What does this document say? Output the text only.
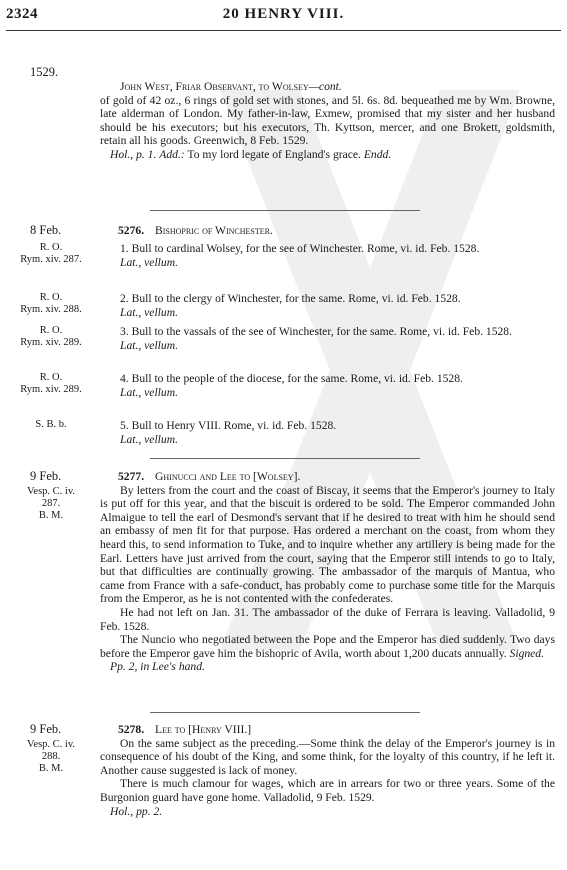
2324	20 HENRY VIII.
1529.
John West, Friar Observant, to Wolsey—cont.
of gold of 42 oz., 6 rings of gold set with stones, and 5l. 6s. 8d. bequeathed me by Wm. Browne, late alderman of London. My father-in-law, Exmew, promised that my sister and her husband should be his executors; but his executors, Th. Kyttson, mercer, and one Brokett, goldsmith, retain all his goods. Greenwich, 8 Feb. 1529.
Hol., p. 1. Add.: To my lord legate of England's grace. Endd.
8 Feb.	5276. Bishopric of Winchester.
R. O.
Rym. xiv. 287.
1. Bull to cardinal Wolsey, for the see of Winchester. Rome, vi. id. Feb. 1528.
Lat., vellum.
R. O.
Rym. xiv. 288.
2. Bull to the clergy of Winchester, for the same. Rome, vi. id. Feb. 1528.
Lat., vellum.
R. O.
Rym. xiv. 289.
3. Bull to the vassals of the see of Winchester, for the same. Rome, vi. id. Feb. 1528.
Lat., vellum.
R. O.
Rym. xiv. 289.
4. Bull to the people of the diocese, for the same. Rome, vi. id. Feb. 1528.
Lat., vellum.
S. B. b.	5. Bull to Henry VIII. Rome, vi. id. Feb. 1528.
Lat., vellum.
9 Feb.
Vesp. C. iv.
287.
B. M.
5277. Ghinucci and Lee to [Wolsey].
By letters from the court and the coast of Biscay, it seems that the Emperor's journey to Italy is put off for this year, and that the biscuit is ordered to be sold. The Emperor commanded John Almaigue to tell the earl of Desmond's servant that if he desired to treat with him he should send an embassy of men fit for that purpose. Has ordered a merchant on the coast, from whom they heard this, to send information to Tuke, and to inquire whether any artillery is being made for the Earl. Letters have just arrived from the court, saying that the Emperor still intends to go to Italy, but that difficulties are continually growing. The ambassador of the marquis of Mantua, who came from France with a safe-conduct, has probably come to purchase some title for the Marquis from the Emperor, as he is not contented with the confederates.
He had not left on Jan. 31. The ambassador of the duke of Ferrara is leaving. Valladolid, 9 Feb. 1528.
The Nuncio who negotiated between the Pope and the Emperor has died suddenly. Two days before the Emperor gave him the bishopric of Avila, worth about 1,200 ducats annually. Signed.
Pp. 2, in Lee's hand.
9 Feb.
Vesp. C. iv.
288.
B. M.
5278. Lee to [Henry VIII.]
On the same subject as the preceding.—Some think the delay of the Emperor's journey is in consequence of his doubt of the King, and some think, for the loyalty of this country, if he left it. Another cause suggested is lack of money.
There is much clamour for wages, which are in arrears for two or three years. Some of the Burgonion guard have gone home. Valladolid, 9 Feb. 1529.
Hol., pp. 2.
